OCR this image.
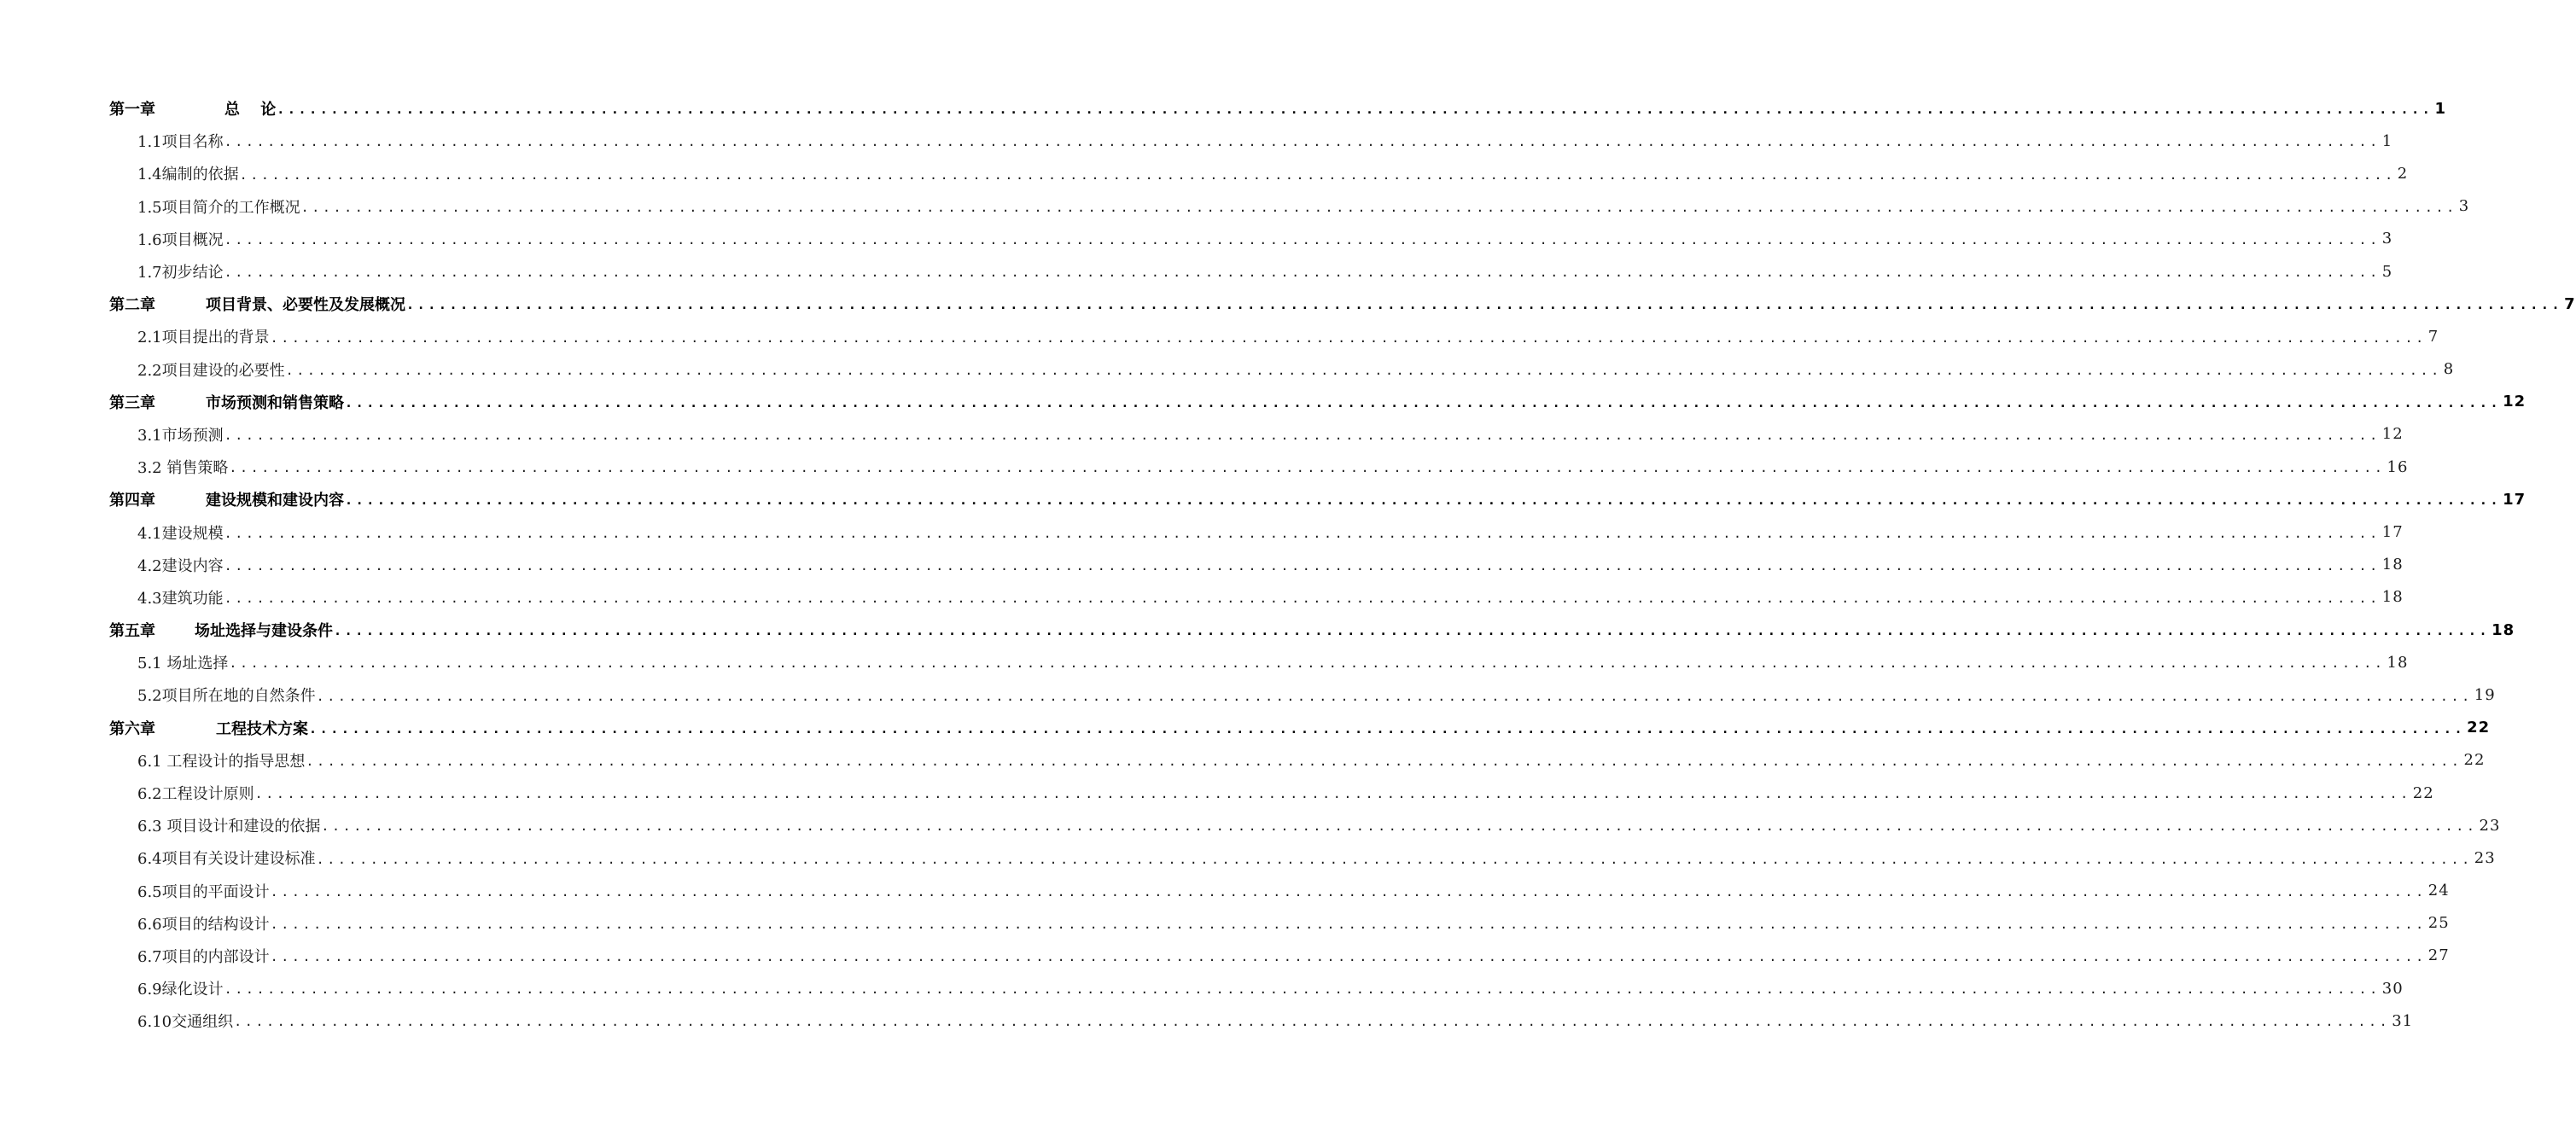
第一章	总　 论 ........................................................................................................................................................................................................ 1
1.1项目名称 ........................................................................................................................................................................................................ 1
1.4编制的依据 ........................................................................................................................................................................................................ 2
1.5项目简介的工作概况 ........................................................................................................................................................................................................ 3
1.6项目概况 ........................................................................................................................................................................................................ 3
1.7初步结论 ........................................................................................................................................................................................................ 5
第二章	项目背景、必要性及发展概况 ........................................................................................................................................................................................................ 7
2.1项目提出的背景 ........................................................................................................................................................................................................ 7
2.2项目建设的必要性 ........................................................................................................................................................................................................ 8
第三章	市场预测和销售策略 ........................................................................................................................................................................................................ 12
3.1市场预测 ........................................................................................................................................................................................................ 12
3.2 销售策略 ........................................................................................................................................................................................................ 16
第四章	建设规模和建设内容 ........................................................................................................................................................................................................ 17
4.1建设规模 ........................................................................................................................................................................................................ 17
4.2建设内容 ........................................................................................................................................................................................................ 18
4.3建筑功能 ........................................................................................................................................................................................................ 18
第五章	场址选择与建设条件 ........................................................................................................................................................................................................ 18
5.1 场址选择 ........................................................................................................................................................................................................ 18
5.2项目所在地的自然条件 ........................................................................................................................................................................................................ 19
第六章	工程技术方案 ........................................................................................................................................................................................................ 22
6.1 工程设计的指导思想 ........................................................................................................................................................................................................ 22
6.2工程设计原则 ........................................................................................................................................................................................................ 22
6.3 项目设计和建设的依据 ........................................................................................................................................................................................................ 23
6.4项目有关设计建设标准 ........................................................................................................................................................................................................ 23
6.5项目的平面设计 ........................................................................................................................................................................................................ 24
6.6项目的结构设计 ........................................................................................................................................................................................................ 25
6.7项目的内部设计 ........................................................................................................................................................................................................ 27
6.9绿化设计 ........................................................................................................................................................................................................ 30
6.10交通组织 ........................................................................................................................................................................................................ 31
